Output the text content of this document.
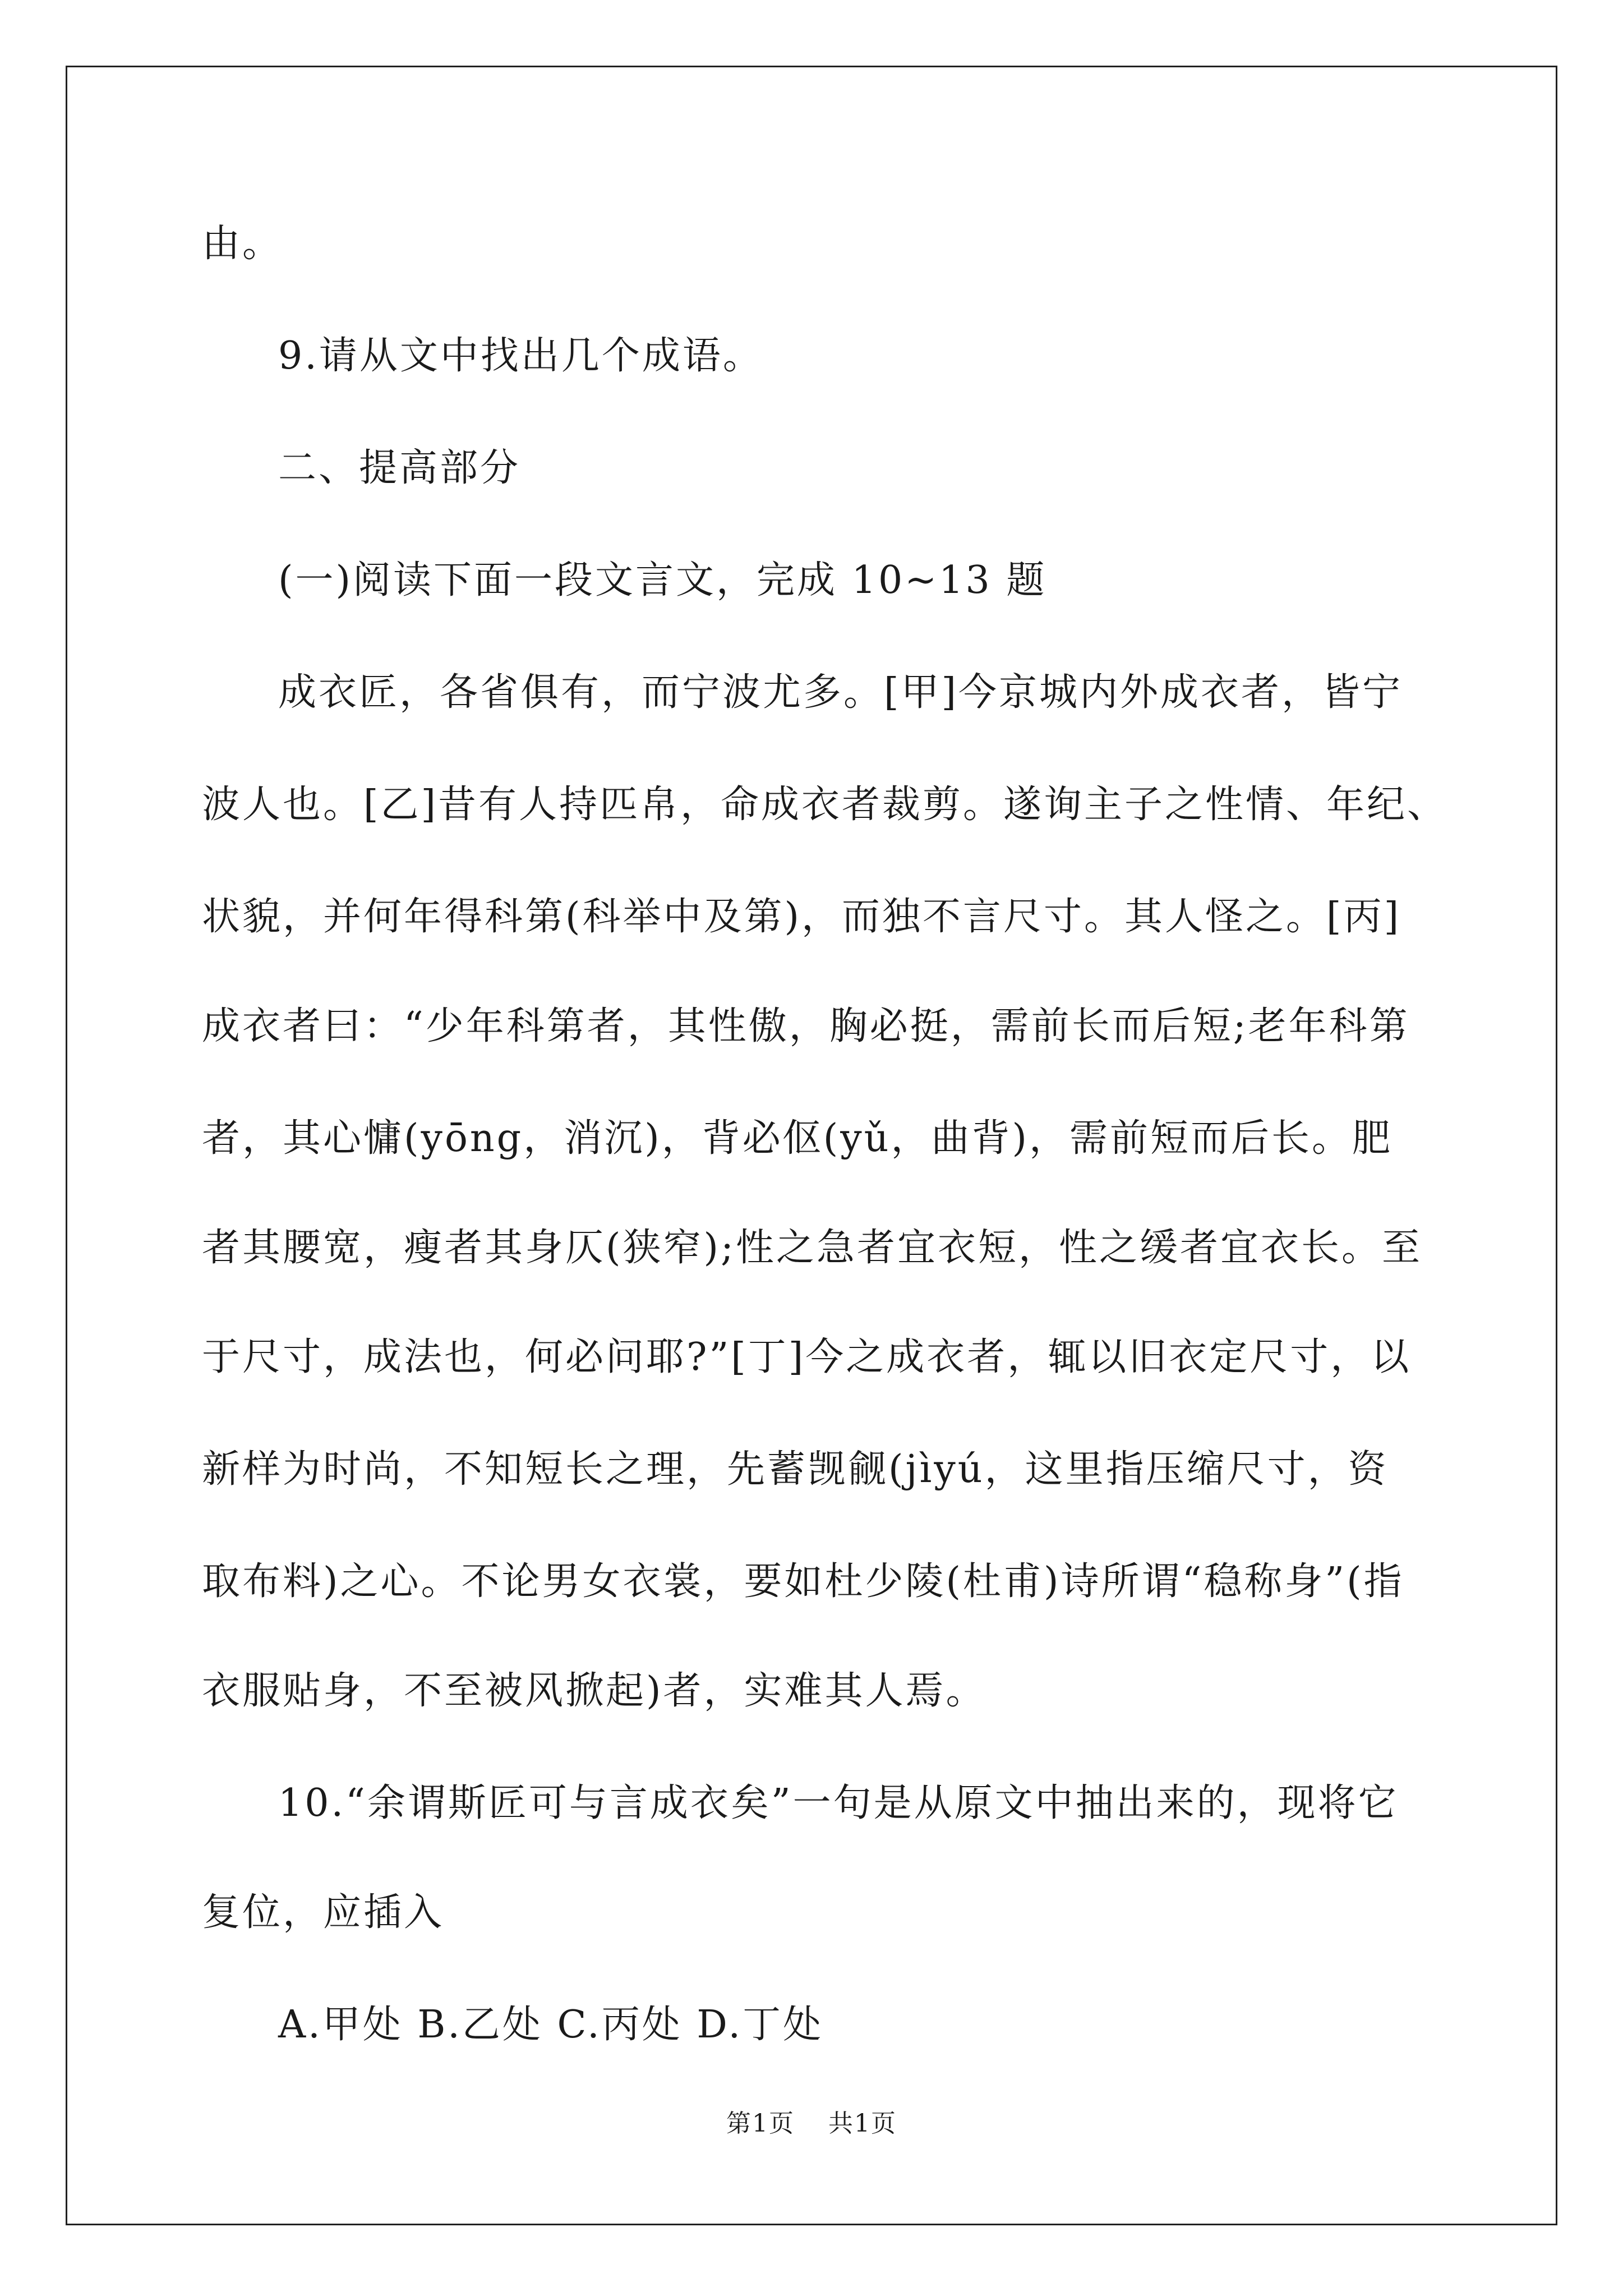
由。
9.请从文中找出几个成语。
二、提高部分
(一)阅读下面一段文言文，完成 10~13 题
成衣匠，各省俱有，而宁波尤多。[甲]今京城内外成衣者，皆宁
波人也。[乙]昔有人持匹帛，命成衣者裁剪。遂询主子之性情、年纪、
状貌，并何年得科第(科举中及第)，而独不言尺寸。其人怪之。[丙]
成衣者曰：“少年科第者，其性傲，胸必挺，需前长而后短;老年科第
者，其心慵(yōng，消沉)，背必伛(yǔ，曲背)，需前短而后长。肥
者其腰宽，瘦者其身仄(狭窄);性之急者宜衣短，性之缓者宜衣长。至
于尺寸，成法也，何必问耶?”[丁]今之成衣者，辄以旧衣定尺寸，以
新样为时尚，不知短长之理，先蓄觊觎(jìyú，这里指压缩尺寸，资
取布料)之心。不论男女衣裳，要如杜少陵(杜甫)诗所谓“稳称身”(指
衣服贴身，不至被风掀起)者，实难其人焉。
10.“余谓斯匠可与言成衣矣”一句是从原文中抽出来的，现将它
复位，应插入
A.甲处 B.乙处 C.丙处 D.丁处
第1页 共1页
